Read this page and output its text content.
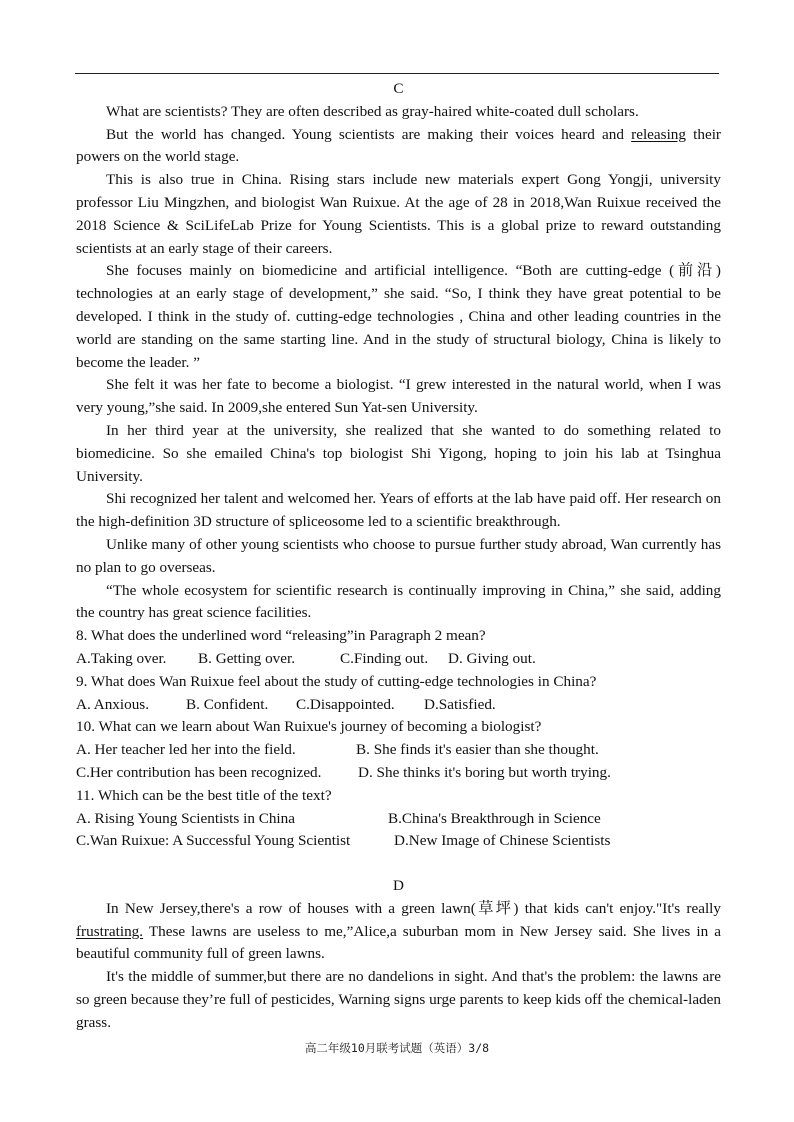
C
What are scientists? They are often described as gray-haired white-coated dull scholars.
But the world has changed. Young scientists are making their voices heard and releasing their powers on the world stage.
This is also true in China. Rising stars include new materials expert Gong Yongji, university professor Liu Mingzhen, and biologist Wan Ruixue. At the age of 28 in 2018,Wan Ruixue received the 2018 Science & SciLifeLab Prize for Young Scientists. This is a global prize to reward outstanding scientists at an early stage of their careers.
She focuses mainly on biomedicine and artificial intelligence. “Both are cutting-edge (前沿) technologies at an early stage of development,” she said. “So, I think they have great potential to be developed. I think in the study of. cutting-edge technologies , China and other leading countries in the world are standing on the same starting line. And in the study of structural biology, China is likely to become the leader. ”
She felt it was her fate to become a biologist. “I grew interested in the natural world, when I was very young,”she said. In 2009,she entered Sun Yat-sen University.
In her third year at the university, she realized that she wanted to do something related to biomedicine. So she emailed China's top biologist Shi Yigong, hoping to join his lab at Tsinghua University.
Shi recognized her talent and welcomed her. Years of efforts at the lab have paid off. Her research on the high-definition 3D structure of spliceosome led to a scientific breakthrough.
Unlike many of other young scientists who choose to pursue further study abroad, Wan currently has no plan to go overseas.
“The whole ecosystem for scientific research is continually improving in China,” she said, adding the country has great science facilities.
8. What does the underlined word “releasing”in Paragraph 2 mean?
A.Taking over.	B. Getting over.	C.Finding out.	D. Giving out.
9. What does Wan Ruixue feel about the study of cutting-edge technologies in China?
A. Anxious.	B. Confident.	C.Disappointed.	D.Satisfied.
10. What can we learn about Wan Ruixue's journey of becoming a biologist?
A. Her teacher led her into the field.	B. She finds it's easier than she thought.
C.Her contribution has been recognized.	D. She thinks it's boring but worth trying.
11. Which can be the best title of the text?
A. Rising Young Scientists in China	B.China's Breakthrough in Science
C.Wan Ruixue: A Successful Young Scientist	D.New Image of Chinese Scientists
D
In New Jersey,there's a row of houses with a green lawn(草坪) that kids can't enjoy."It's really frustrating. These lawns are useless to me,”Alice,a suburban mom in New Jersey said. She lives in a beautiful community full of green lawns.
It's the middle of summer,but there are no dandelions in sight. And that's the problem: the lawns are so green because they’re full of pesticides, Warning signs urge parents to keep kids off the chemical-laden grass.
高二年级10月联考试题（英语）3/8
